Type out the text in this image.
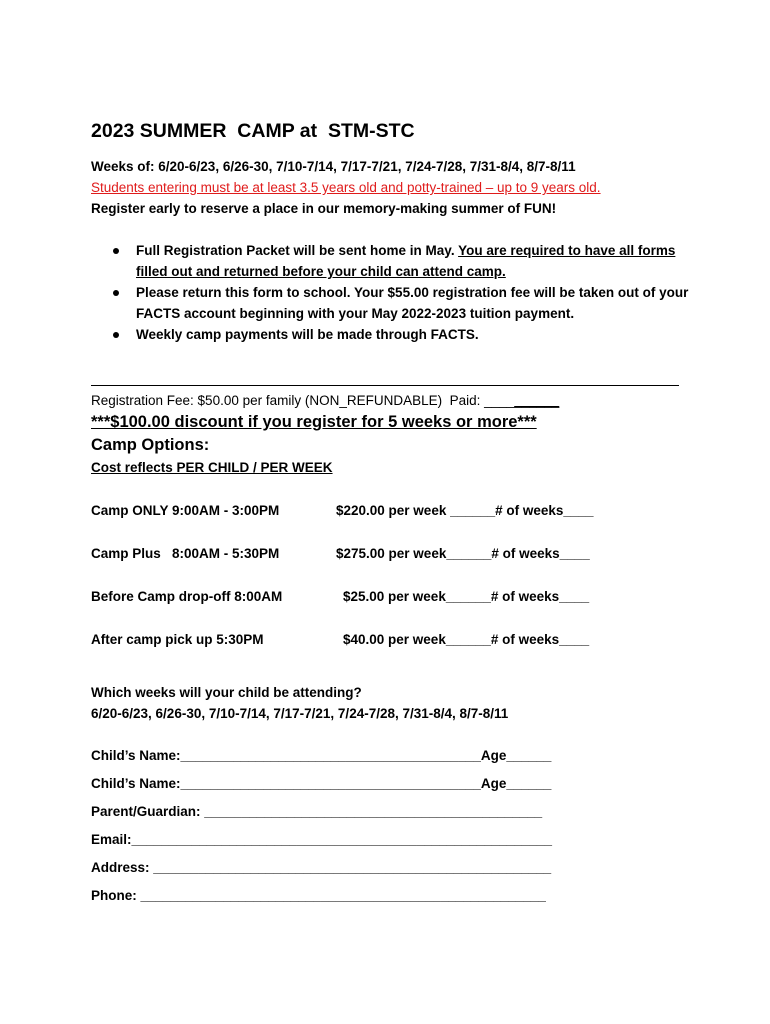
2023 SUMMER  CAMP at  STM-STC
Weeks of: 6/20-6/23, 6/26-30, 7/10-7/14, 7/17-7/21, 7/24-7/28, 7/31-8/4, 8/7-8/11
Students entering must be at least 3.5 years old and potty-trained – up to 9 years old.
Register early to reserve a place in our memory-making summer of FUN!
Full Registration Packet will be sent home in May. You are required to have all forms filled out and returned before your child can attend camp.
Please return this form to school. Your $55.00 registration fee will be taken out of your FACTS account beginning with your May 2022-2023 tuition payment.
Weekly camp payments will be made through FACTS.
Registration Fee: $50.00 per family (NON_REFUNDABLE)  Paid: __________
***$100.00 discount if you register for 5 weeks or more***
Camp Options:
Cost reflects PER CHILD / PER WEEK
Camp ONLY 9:00AM - 3:00PM	$220.00 per week ______# of weeks____
Camp Plus   8:00AM - 5:30PM	$275.00 per week______# of weeks____
Before Camp drop-off 8:00AM	$25.00 per week______# of weeks____
After camp pick up 5:30PM	$40.00 per week______# of weeks____
Which weeks will your child be attending?
6/20-6/23, 6/26-30, 7/10-7/14, 7/17-7/21, 7/24-7/28, 7/31-8/4, 8/7-8/11
Child’s Name:________________________________________Age______
Child’s Name:________________________________________Age______
Parent/Guardian: _____________________________________________
Email:________________________________________________________
Address: _____________________________________________________
Phone: ______________________________________________________
